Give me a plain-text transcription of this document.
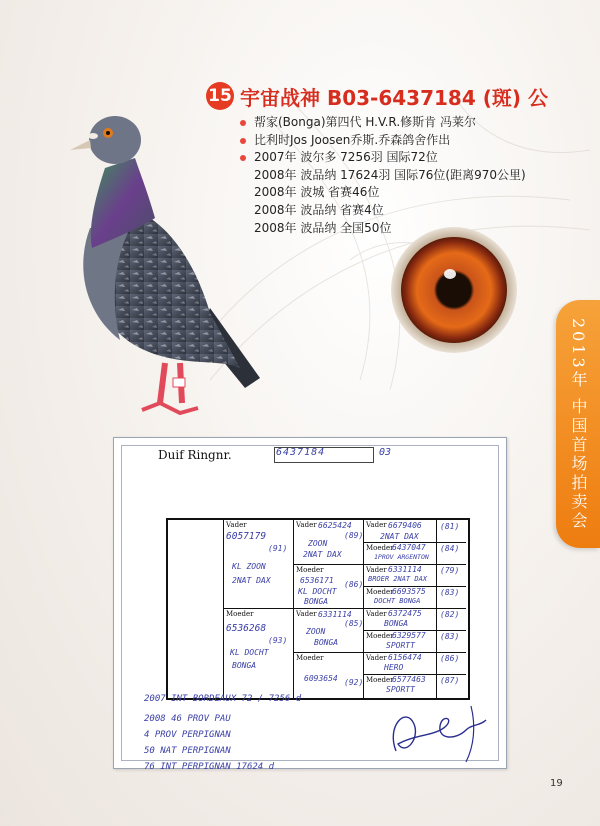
15 宇宙战神 B03-6437184 (斑) 公
帮家(Bonga)第四代 H.V.R.修斯肯 冯莱尔
比利时Jos Joosen乔斯.乔森鸽舍作出
2007年 波尔多 7256羽 国际72位
2008年 波品纳 17624羽 国际76位(距离970公里)
2008年 波城 省赛46位
2008年 波品纳 省赛4位
2008年 波品纳 全国50位
2013年 中国首场拍卖会
Duif Ringnr.	6437184	03
Vader
6057179
(91)
KL ZOON
2NAT DAX
Moeder
6536268
(93)
KL DOCHT
BONGA
Vader 6625424
(89)
ZOON
2NAT DAX
Moeder
6536171 (86)
KL DOCHT
BONGA
Vader 6331114
(85)
ZOON
BONGA
Moeder
6093654 (92)
Vader 6679406 (81)
2NAT DAX
Moeder
6437047 (84)
1PROV ARGENTON
Vader 6331114 (79)
BROER 2NAT DAX
Moeder
6693575 (83)
DOCHT BONGA
Vader 6372475 (82)
BONGA
Moeder
6329577 (83)
SPORTT
Vader 6156474 (86)
HERO
Moeder
6577463 (87)
SPORTT
2007 INT BORDEAUX 72 / 7256 d
2008 46 PROV PAU
4 PROV PERPIGNAN
50 NAT PERPIGNAN
76 INT PERPIGNAN 17624 d
19
